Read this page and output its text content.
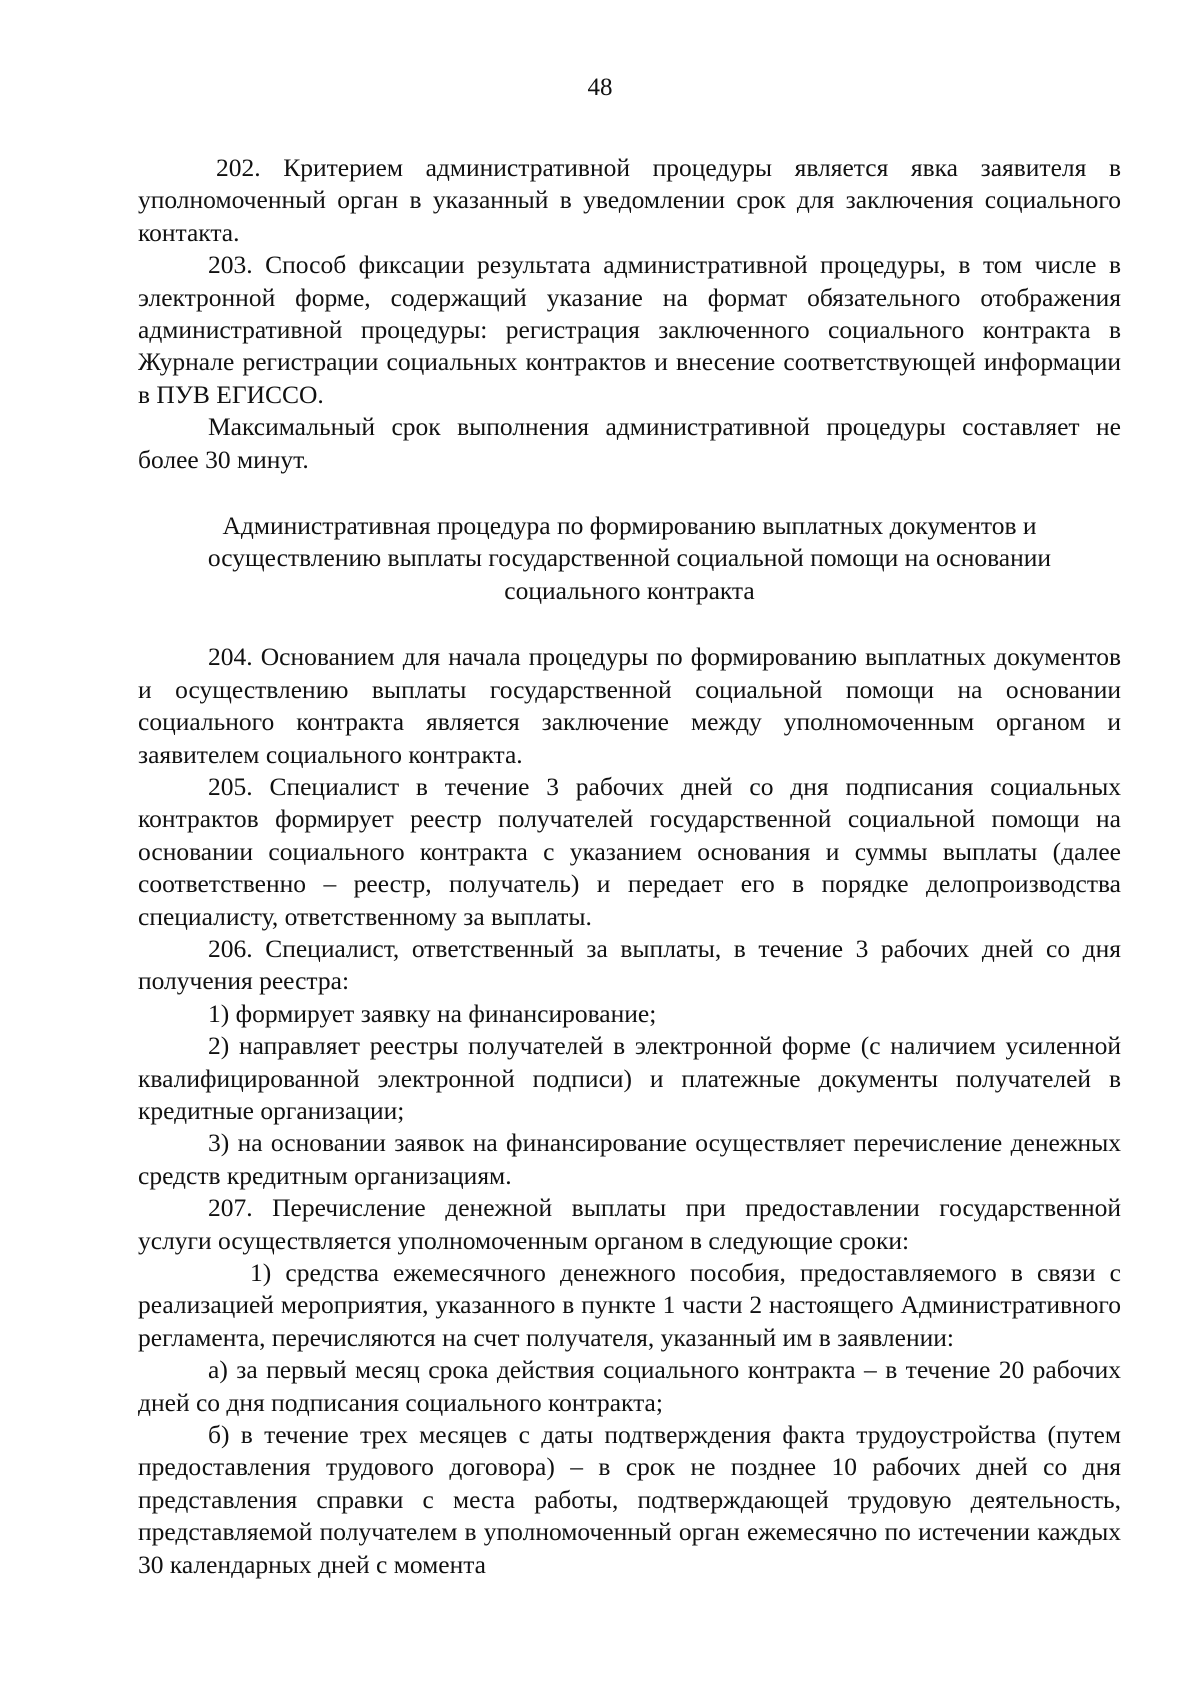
48

202. Критерием административной процедуры является явка заявителя в уполномоченный орган в указанный в уведомлении срок для заключения социального контакта.

203. Способ фиксации результата административной процедуры, в том числе в электронной форме, содержащий указание на формат обязательного отображения административной процедуры: регистрация заключенного социального контракта в Журнале регистрации социальных контрактов и внесение соответствующей информации в ПУВ ЕГИССО.

Максимальный срок выполнения административной процедуры составляет не более 30 минут.

Административная процедура по формированию выплатных документов и осуществлению выплаты государственной социальной помощи на основании социального контракта

204. Основанием для начала процедуры по формированию выплатных документов и осуществлению выплаты государственной социальной помощи на основании социального контракта является заключение между уполномоченным органом и заявителем социального контракта.

205. Специалист в течение 3 рабочих дней со дня подписания социальных контрактов формирует реестр получателей государственной социальной помощи на основании социального контракта с указанием основания и суммы выплаты (далее соответственно – реестр, получатель) и передает его в порядке делопроизводства специалисту, ответственному за выплаты.

206. Специалист, ответственный за выплаты, в течение 3 рабочих дней со дня получения реестра:

1) формирует заявку на финансирование;

2) направляет реестры получателей в электронной форме (с наличием усиленной квалифицированной электронной подписи) и платежные документы получателей в кредитные организации;

3) на основании заявок на финансирование осуществляет перечисление денежных средств кредитным организациям.

207. Перечисление денежной выплаты при предоставлении государственной услуги осуществляется уполномоченным органом в следующие сроки:

1) средства ежемесячного денежного пособия, предоставляемого в связи с реализацией мероприятия, указанного в пункте 1 части 2 настоящего Административного регламента, перечисляются на счет получателя, указанный им в заявлении:

а) за первый месяц срока действия социального контракта – в течение 20 рабочих дней со дня подписания социального контракта;

б) в течение трех месяцев с даты подтверждения факта трудоустройства (путем предоставления трудового договора) – в срок не позднее 10 рабочих дней со дня представления справки с места работы, подтверждающей трудовую деятельность, представляемой получателем в уполномоченный орган ежемесячно по истечении каждых 30 календарных дней с момента
